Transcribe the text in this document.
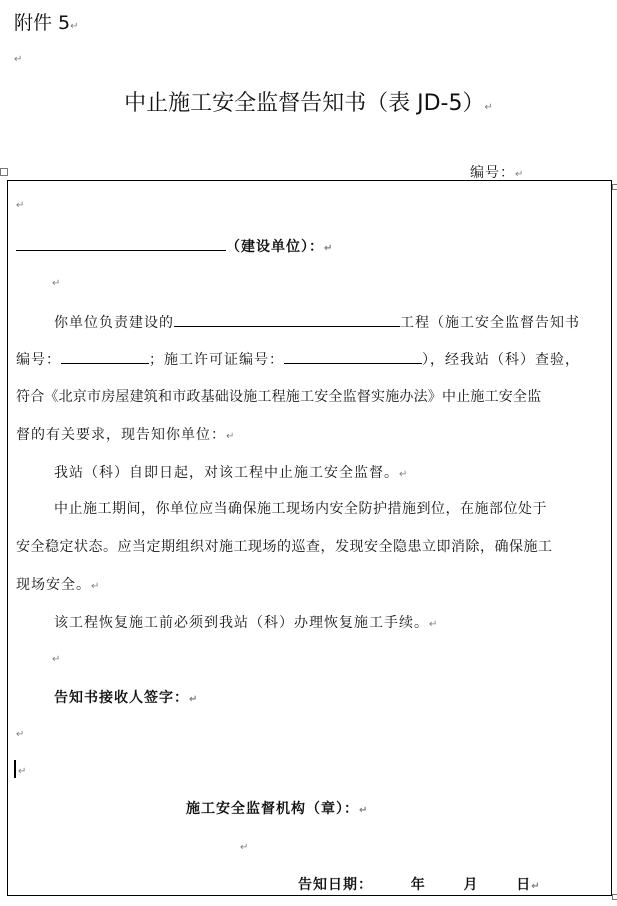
附件 5↵
↵
中止施工安全监督告知书（表 JD-5）↵
编号：↵
↵
（建设单位）：↵
↵
你单位负责建设的	工程（施工安全监督告知书
编号：	；施工许可证编号：	），经我站（科）查验，
符合《北京市房屋建筑和市政基础设施工程施工安全监督实施办法》中止施工安全监
督的有关要求，现告知你单位：↵
我站（科）自即日起，对该工程中止施工安全监督。↵
中止施工期间，你单位应当确保施工现场内安全防护措施到位，在施部位处于
安全稳定状态。应当定期组织对施工现场的巡查，发现安全隐患立即消除，确保施工
现场安全。↵
该工程恢复施工前必须到我站（科）办理恢复施工手续。↵
↵
告知书接收人签字：↵
↵
↵
施工安全监督机构（章）：↵
↵
告知日期：	年	月	日↵
